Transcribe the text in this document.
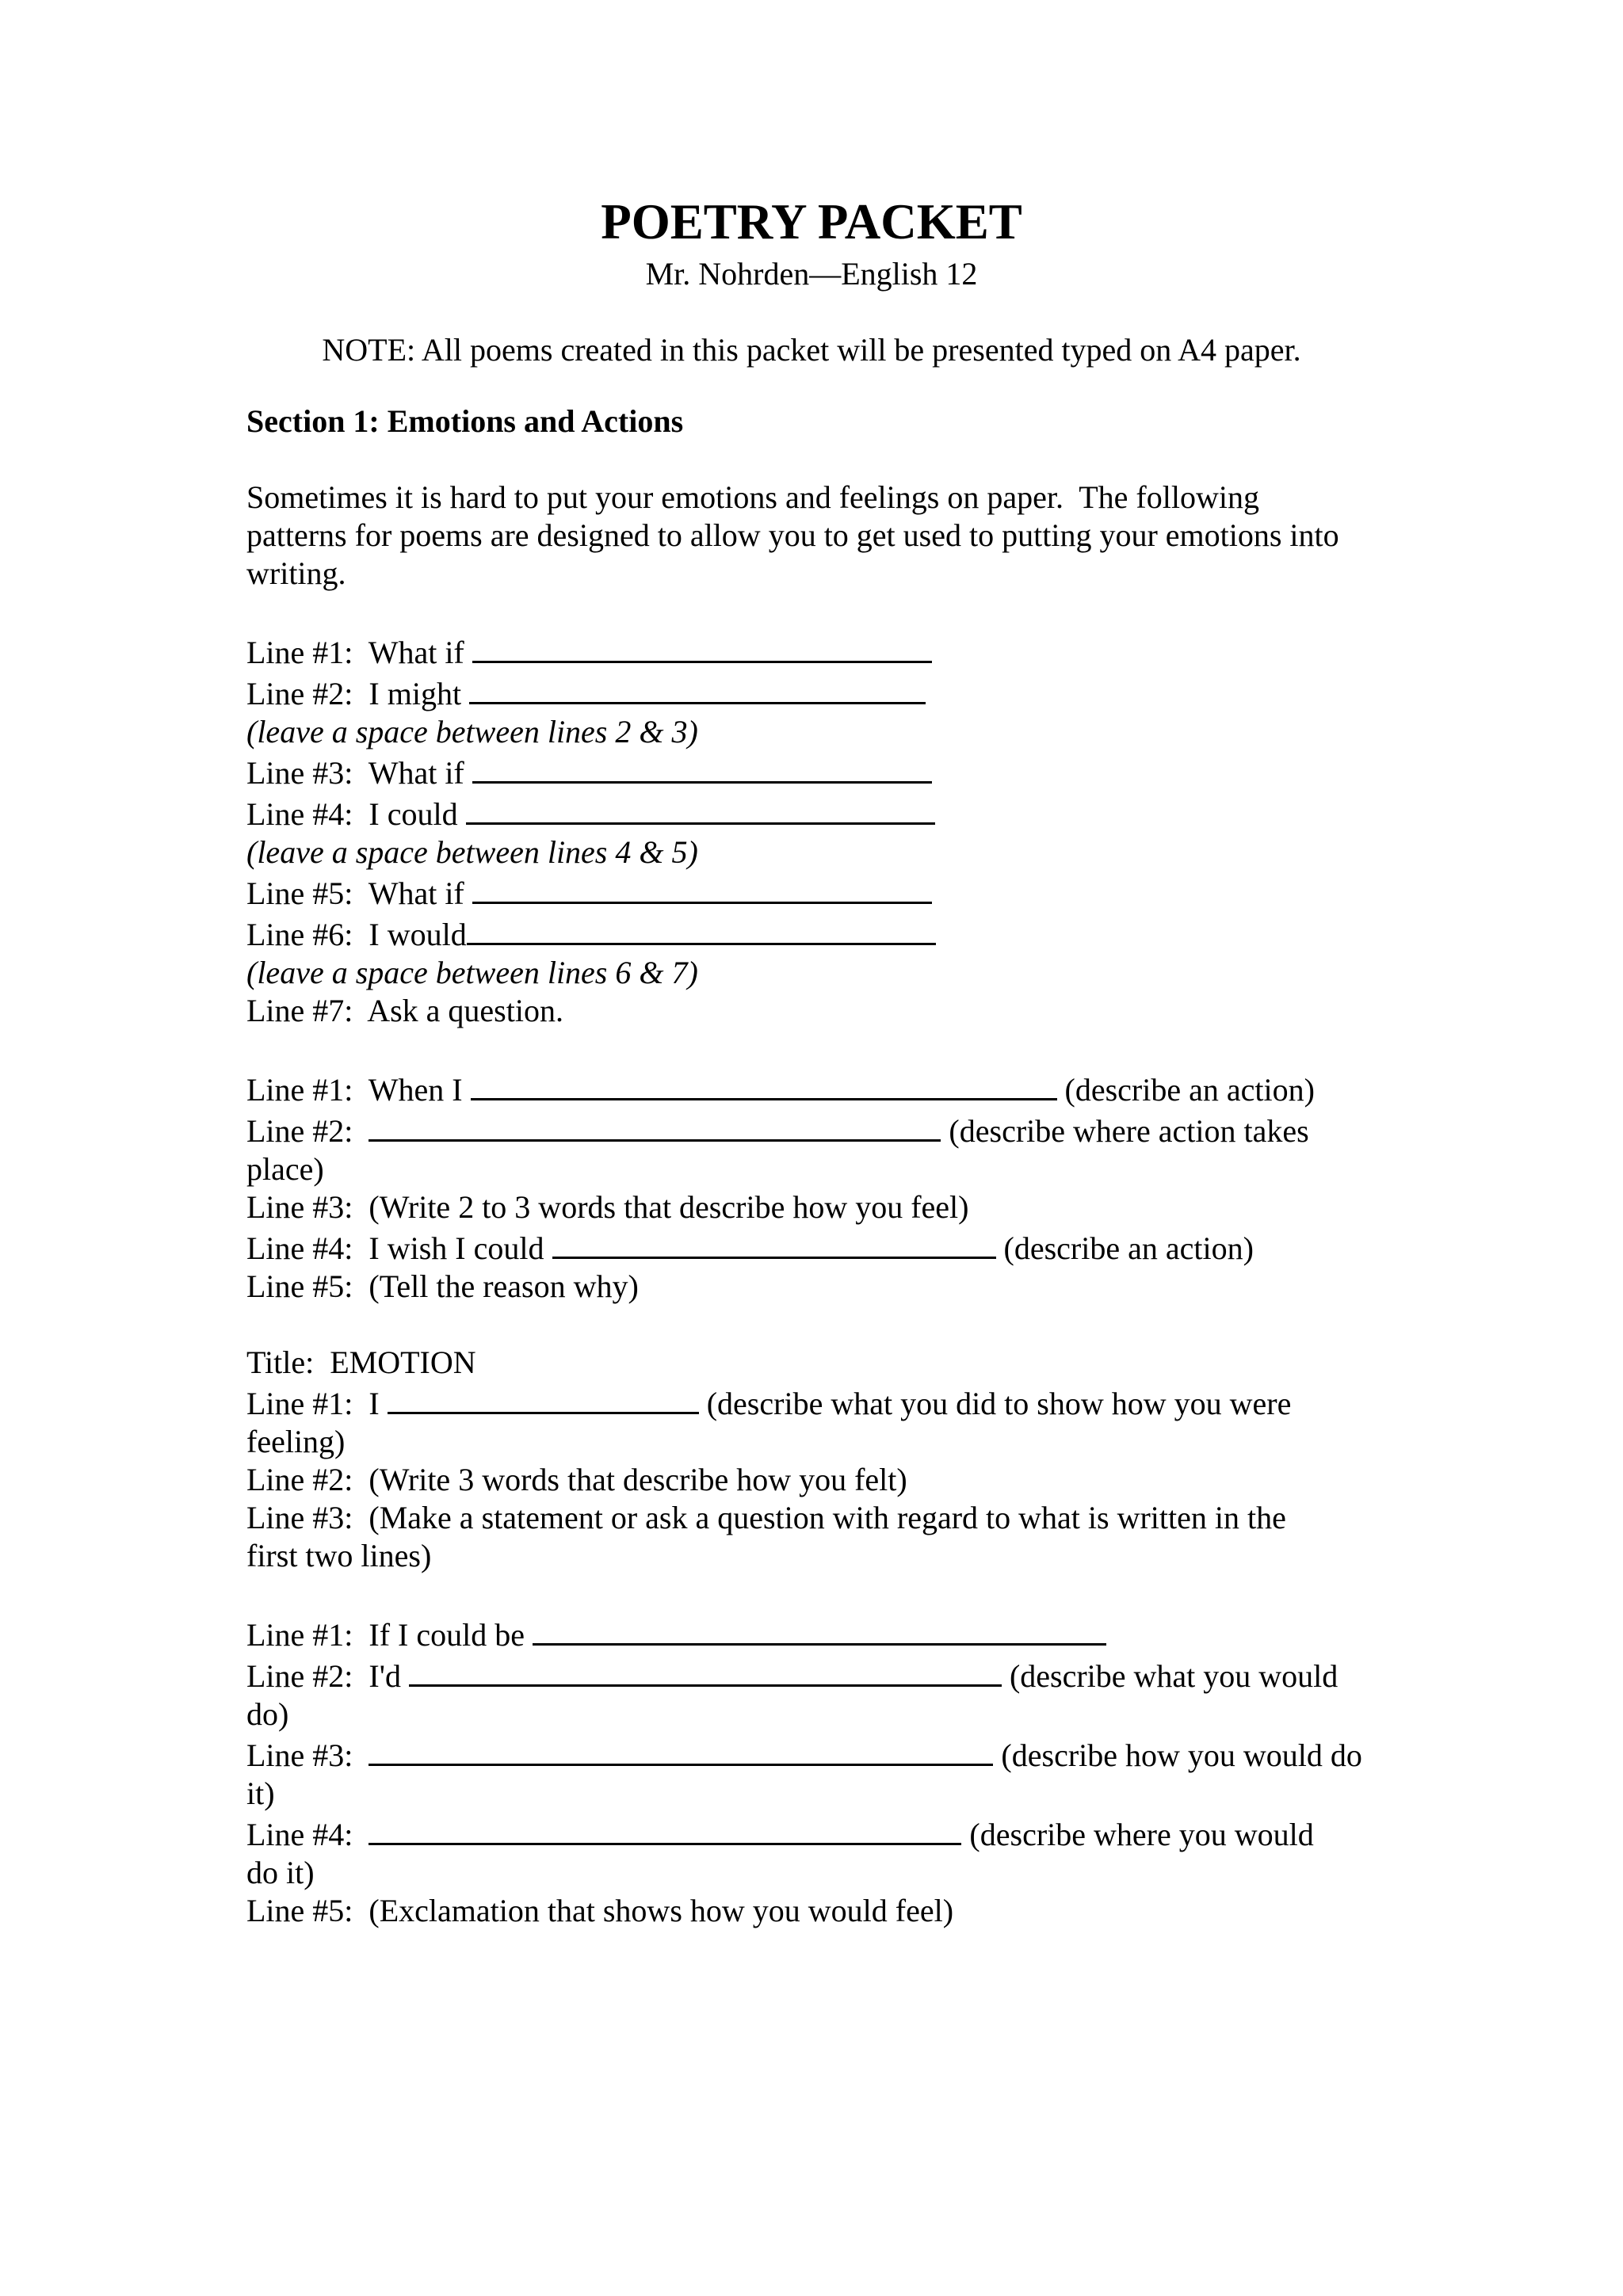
POETRY PACKET
Mr. Nohrden—English 12
NOTE: All poems created in this packet will be presented typed on A4 paper.
Section 1: Emotions and Actions
Sometimes it is hard to put your emotions and feelings on paper.  The following
patterns for poems are designed to allow you to get used to putting your emotions into
writing.
Line #1:  What if
Line #2:  I might
(leave a space between lines 2 & 3)
Line #3:  What if
Line #4:  I could
(leave a space between lines 4 & 5)
Line #5:  What if
Line #6:  I would
(leave a space between lines 6 & 7)
Line #7:  Ask a question.
Line #1:  When I	(describe an action)
Line #2:	(describe where action takes
place)
Line #3:  (Write 2 to 3 words that describe how you feel)
Line #4:  I wish I could	(describe an action)
Line #5:  (Tell the reason why)
Title:  EMOTION
Line #1:  I	(describe what you did to show how you were
feeling)
Line #2:  (Write 3 words that describe how you felt)
Line #3:  (Make a statement or ask a question with regard to what is written in the
first two lines)
Line #1:  If I could be
Line #2:  I'd	(describe what you would
do)
Line #3:	(describe how you would do
it)
Line #4:	(describe where you would
do it)
Line #5:  (Exclamation that shows how you would feel)
